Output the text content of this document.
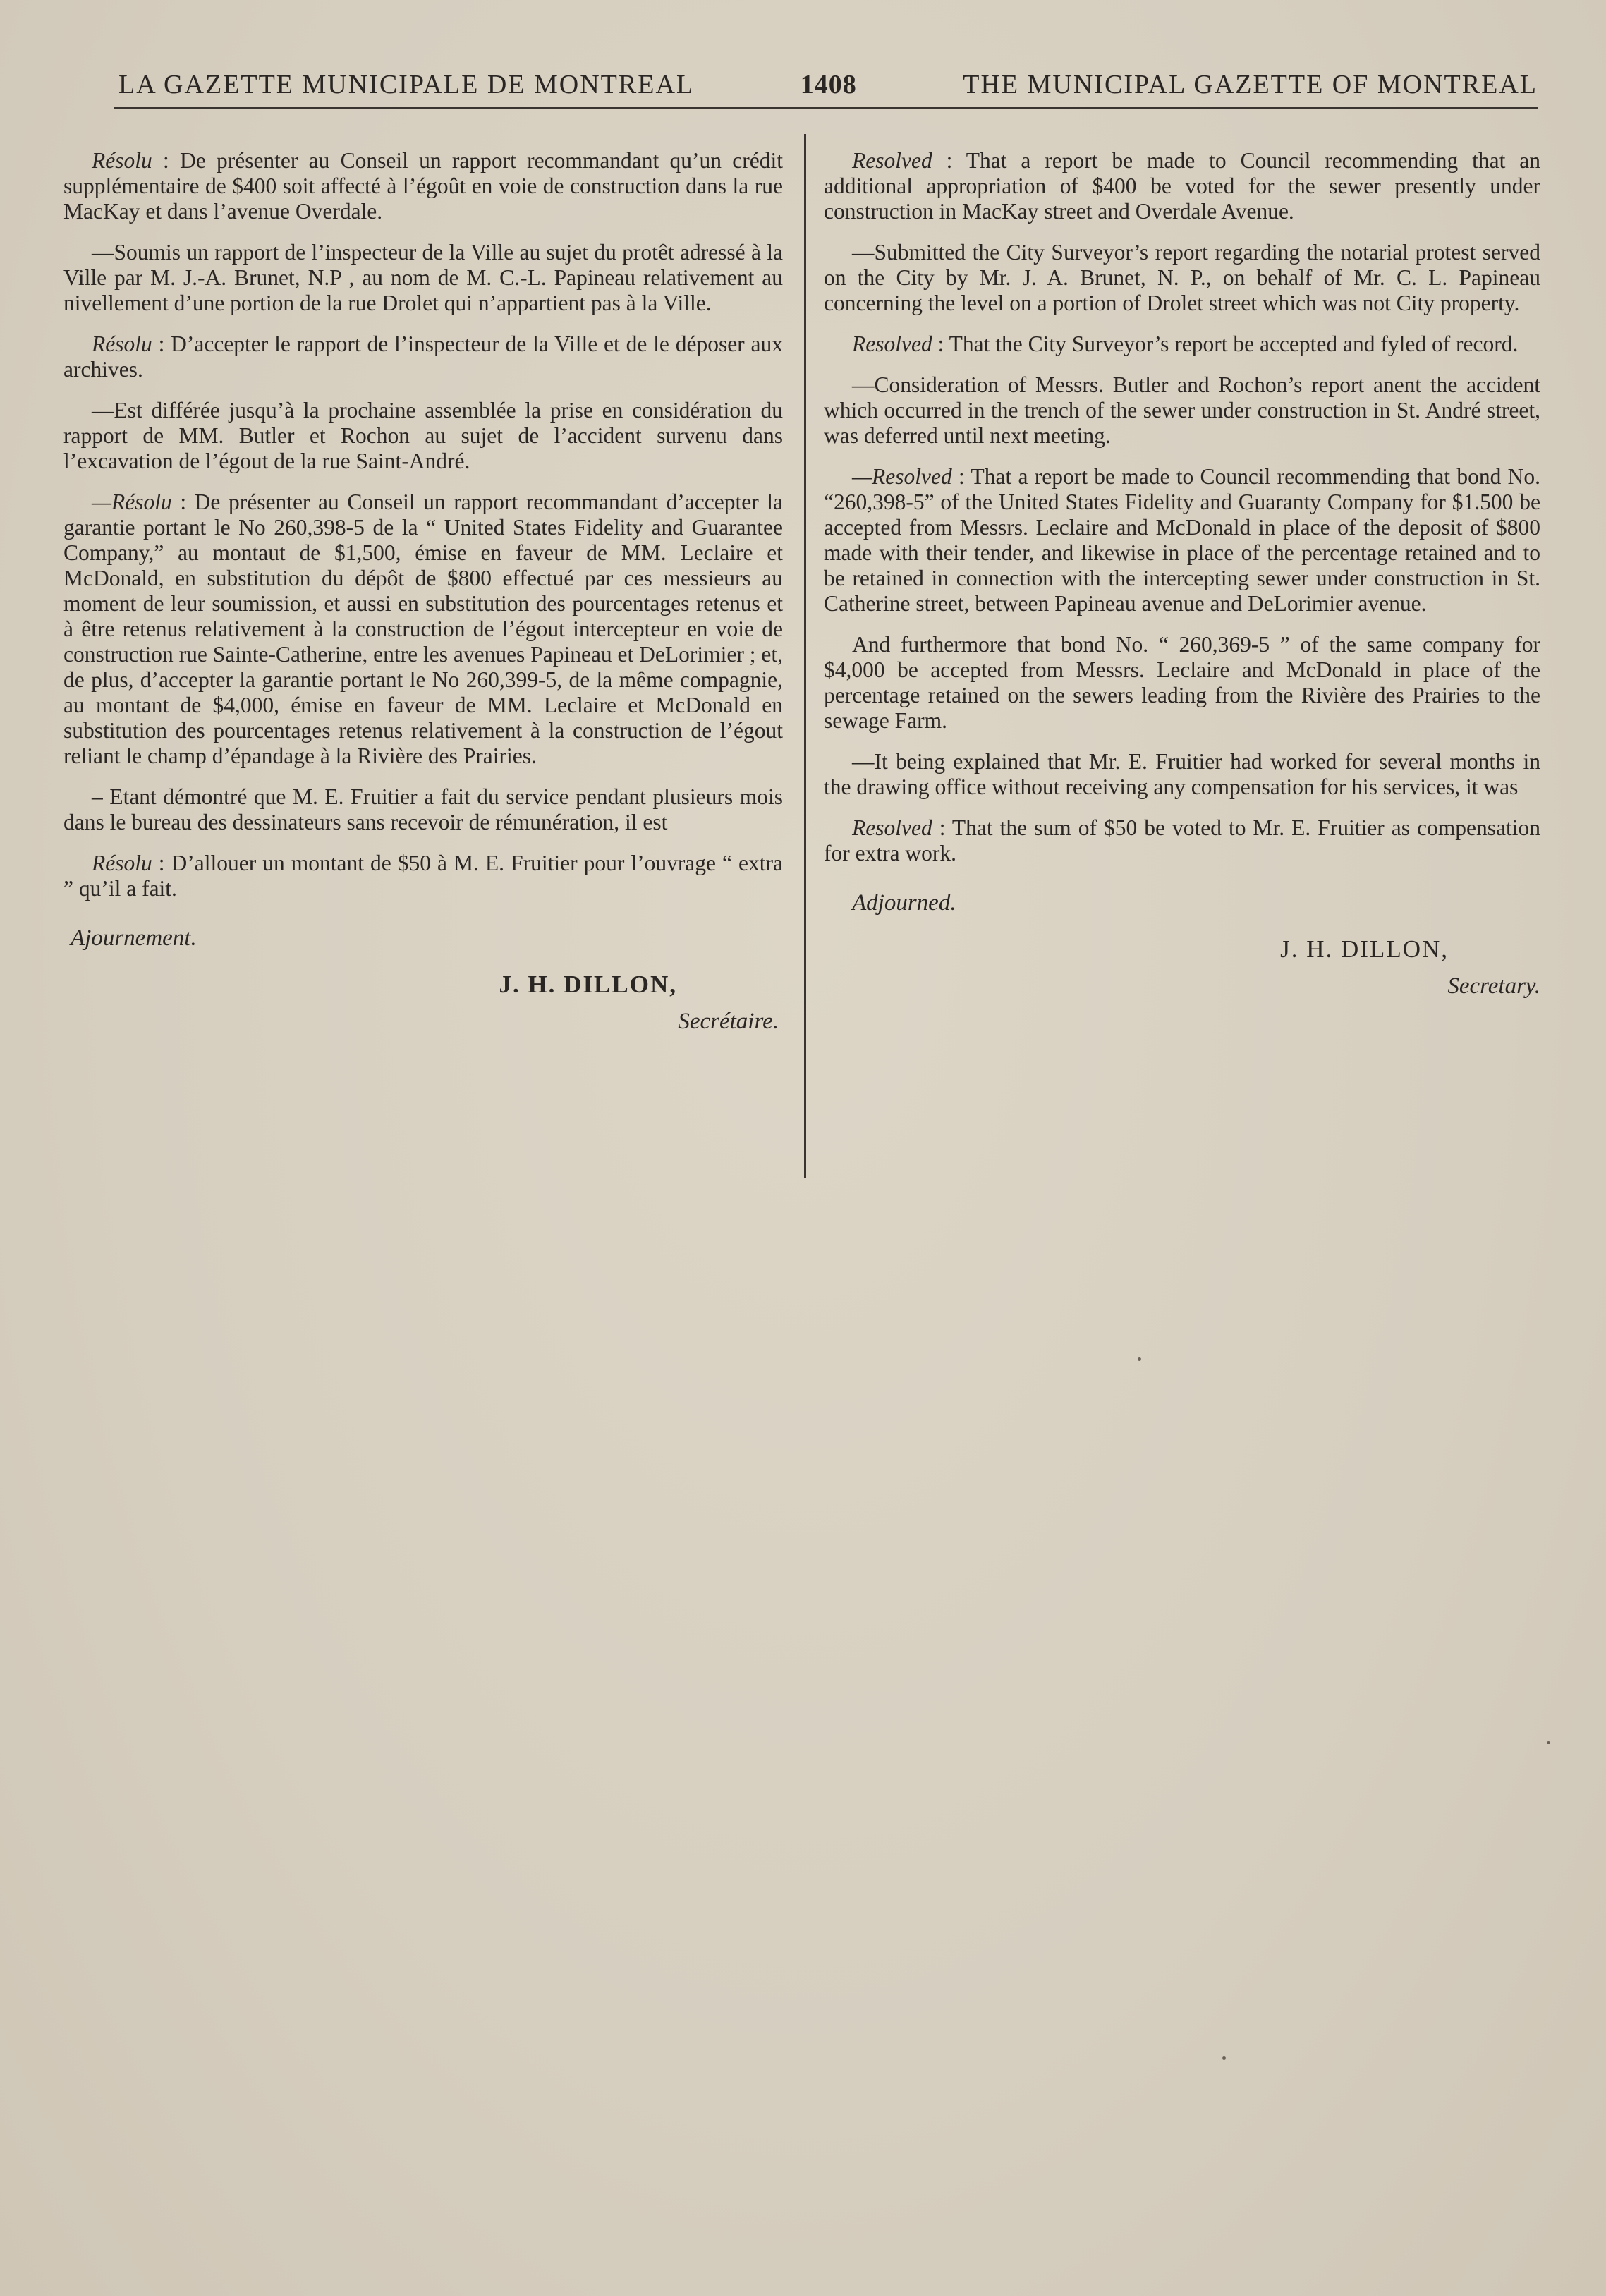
LA GAZETTE MUNICIPALE DE MONTREAL	1408	THE MUNICIPAL GAZETTE OF MONTREAL

Résolu : De présenter au Conseil un rapport recommandant qu’un crédit supplémentaire de $400 soit affecté à l’égoût en voie de construction dans la rue MacKay et dans l’avenue Overdale.

—Soumis un rapport de l’inspecteur de la Ville au sujet du protêt adressé à la Ville par M. J.-A. Brunet, N.P , au nom de M. C.-L. Papineau relativement au nivellement d’une portion de la rue Drolet qui n’appartient pas à la Ville.

Résolu : D’accepter le rapport de l’inspecteur de la Ville et de le déposer aux archives.

—Est différée jusqu’à la prochaine assemblée la prise en considération du rapport de MM. Butler et Rochon au sujet de l’accident survenu dans l’excavation de l’égout de la rue Saint-André.

—Résolu : De présenter au Conseil un rapport recommandant d’accepter la garantie portant le No 260,398-5 de la “ United States Fidelity and Guarantee Company,” au montaut de $1,500, émise en faveur de MM. Leclaire et McDonald, en substitution du dépôt de $800 effectué par ces messieurs au moment de leur soumission, et aussi en substitution des pourcentages retenus et à être retenus relativement à la construction de l’égout intercepteur en voie de construction rue Sainte-Catherine, entre les avenues Papineau et DeLorimier ; et, de plus, d’accepter la garantie portant le No 260,399-5, de la même compagnie, au montant de $4,000, émise en faveur de MM. Leclaire et McDonald en substitution des pourcentages retenus relativement à la construction de l’égout reliant le champ d’épandage à la Rivière des Prairies.

– Etant démontré que M. E. Fruitier a fait du service pendant plusieurs mois dans le bureau des dessinateurs sans recevoir de rémunération, il est

Résolu : D’allouer un montant de $50 à M. E. Fruitier pour l’ouvrage “ extra ” qu’il a fait.

Ajournement.
J. H. DILLON,
Secrétaire.

Resolved : That a report be made to Council recommending that an additional appropriation of $400 be voted for the sewer presently under construction in MacKay street and Overdale Avenue.

—Submitted the City Surveyor’s report regarding the notarial protest served on the City by Mr. J. A. Brunet, N. P., on behalf of Mr. C. L. Papineau concerning the level on a portion of Drolet street which was not City property.

Resolved : That the City Surveyor’s report be accepted and fyled of record.

—Consideration of Messrs. Butler and Rochon’s report anent the accident which occurred in the trench of the sewer under construction in St. André street, was deferred until next meeting.

—Resolved : That a report be made to Council recommending that bond No. “260,398-5” of the United States Fidelity and Guaranty Company for $1.500 be accepted from Messrs. Leclaire and McDonald in place of the deposit of $800 made with their tender, and likewise in place of the percentage retained and to be retained in connection with the intercepting sewer under construction in St. Catherine street, between Papineau avenue and DeLorimier avenue.

And furthermore that bond No. “ 260,369-5 ” of the same company for $4,000 be accepted from Messrs. Leclaire and McDonald in place of the percentage retained on the sewers leading from the Rivière des Prairies to the sewage Farm.

—It being explained that Mr. E. Fruitier had worked for several months in the drawing office without receiving any compensation for his services, it was

Resolved : That the sum of $50 be voted to Mr. E. Fruitier as compensation for extra work.

Adjourned.
J. H. DILLON,
Secretary.
